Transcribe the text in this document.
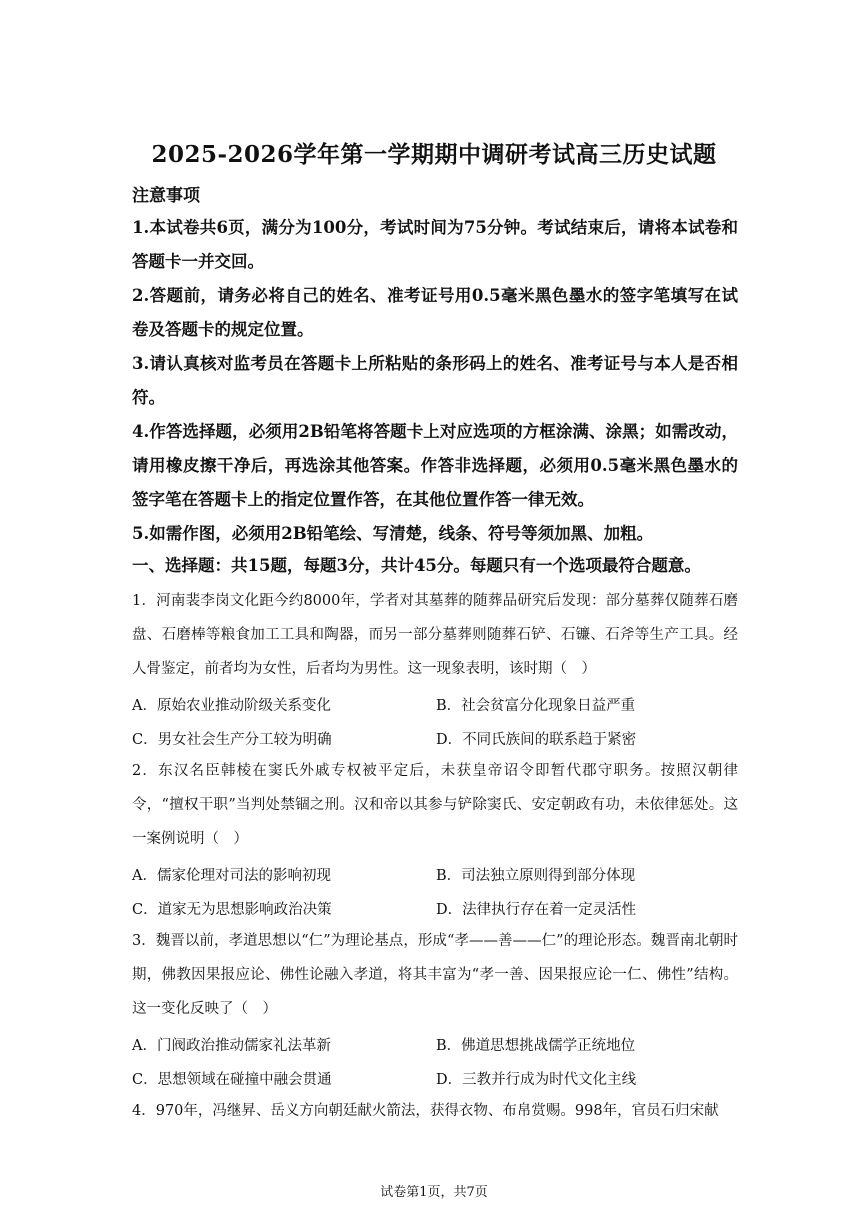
2025-2026学年第一学期期中调研考试高三历史试题
注意事项
1.本试卷共6页，满分为100分，考试时间为75分钟。考试结束后，请将本试卷和答题卡一并交回。
2.答题前，请务必将自己的姓名、准考证号用0.5毫米黑色墨水的签字笔填写在试卷及答题卡的规定位置。
3.请认真核对监考员在答题卡上所粘贴的条形码上的姓名、准考证号与本人是否相符。
4.作答选择题，必须用2B铅笔将答题卡上对应选项的方框涂满、涂黑；如需改动，请用橡皮擦干净后，再选涂其他答案。作答非选择题，必须用0.5毫米黑色墨水的签字笔在答题卡上的指定位置作答，在其他位置作答一律无效。
5.如需作图，必须用2B铅笔绘、写清楚，线条、符号等须加黑、加粗。
一、选择题：共15题，每题3分，共计45分。每题只有一个选项最符合题意。
1．河南裴李岗文化距今约8000年，学者对其墓葬的随葬品研究后发现：部分墓葬仅随葬石磨盘、石磨棒等粮食加工工具和陶器，而另一部分墓葬则随葬石铲、石镰、石斧等生产工具。经人骨鉴定，前者均为女性，后者均为男性。这一现象表明，该时期（　）
A．原始农业推动阶级关系变化	B．社会贫富分化现象日益严重
C．男女社会生产分工较为明确	D．不同氏族间的联系趋于紧密
2．东汉名臣韩棱在窦氏外戚专权被平定后，未获皇帝诏令即暂代郡守职务。按照汉朝律令，“擅权干职”当判处禁锢之刑。汉和帝以其参与铲除窦氏、安定朝政有功，未依律惩处。这一案例说明（　）
A．儒家伦理对司法的影响初现	B．司法独立原则得到部分体现
C．道家无为思想影响政治决策	D．法律执行存在着一定灵活性
3．魏晋以前，孝道思想以“仁”为理论基点，形成“孝——善——仁”的理论形态。魏晋南北朝时期，佛教因果报应论、佛性论融入孝道，将其丰富为“孝一善、因果报应论一仁、佛性”结构。这一变化反映了（　）
A．门阀政治推动儒家礼法革新	B．佛道思想挑战儒学正统地位
C．思想领域在碰撞中融会贯通	D．三教并行成为时代文化主线
4．970年，冯继昇、岳义方向朝廷献火箭法，获得衣物、布帛赏赐。998年，官员石归宋献
试卷第1页，共7页
